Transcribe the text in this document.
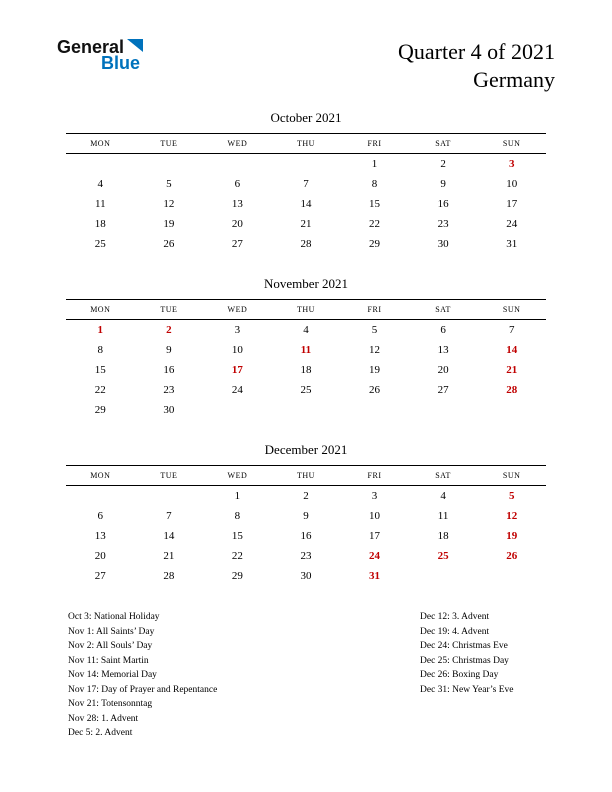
General
Blue	Quarter 4 of 2021
Germany
October 2021
MON	TUE	WED	THU	FRI	SAT	SUN
				1	2	3
4	5	6	7	8	9	10
11	12	13	14	15	16	17
18	19	20	21	22	23	24
25	26	27	28	29	30	31
November 2021
MON	TUE	WED	THU	FRI	SAT	SUN
1	2	3	4	5	6	7
8	9	10	11	12	13	14
15	16	17	18	19	20	21
22	23	24	25	26	27	28
29	30					
December 2021
MON	TUE	WED	THU	FRI	SAT	SUN
		1	2	3	4	5
6	7	8	9	10	11	12
13	14	15	16	17	18	19
20	21	22	23	24	25	26
27	28	29	30	31		
Oct 3: National Holiday
Nov 1: All Saints’ Day
Nov 2: All Souls’ Day
Nov 11: Saint Martin
Nov 14: Memorial Day
Nov 17: Day of Prayer and Repentance
Nov 21: Totensonntag
Nov 28: 1. Advent
Dec 5: 2. Advent
Dec 12: 3. Advent
Dec 19: 4. Advent
Dec 24: Christmas Eve
Dec 25: Christmas Day
Dec 26: Boxing Day
Dec 31: New Year’s Eve
